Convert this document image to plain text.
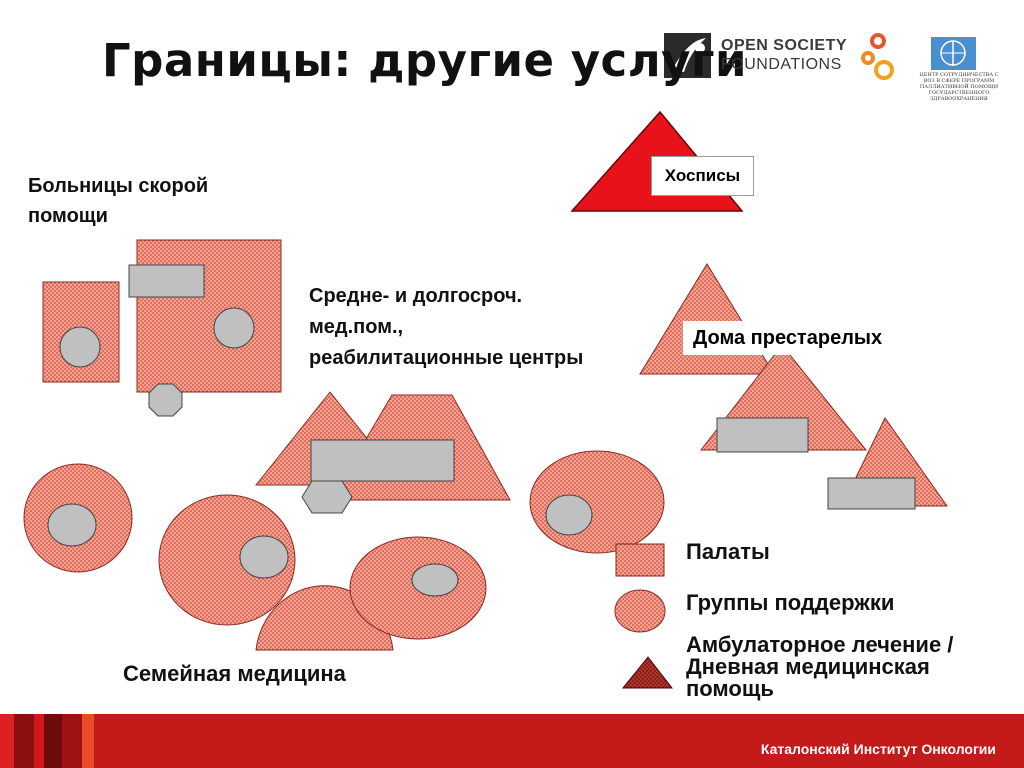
Границы: другие услуги
Больницы скорой помощи
Средне- и долгосроч. мед.пом., реабилитационные центры
Семейная медицина
Хосписы
Дома престарелых
Палаты
Группы поддержки
Амбулаторное лечение / Дневная медицинская помощь
OPEN SOCIETY
FOUNDATIONS
ЦЕНТР СОТРУДНИЧЕСТВА С ВОЗ В СФЕРЕ ПРОГРАММ ПАЛЛИАТИВНОЙ ПОМОЩИ ГОСУДАРСТВЕННОГО ЗДРАВООХРАНЕНИЯ
Каталонский Институт Онкологии
